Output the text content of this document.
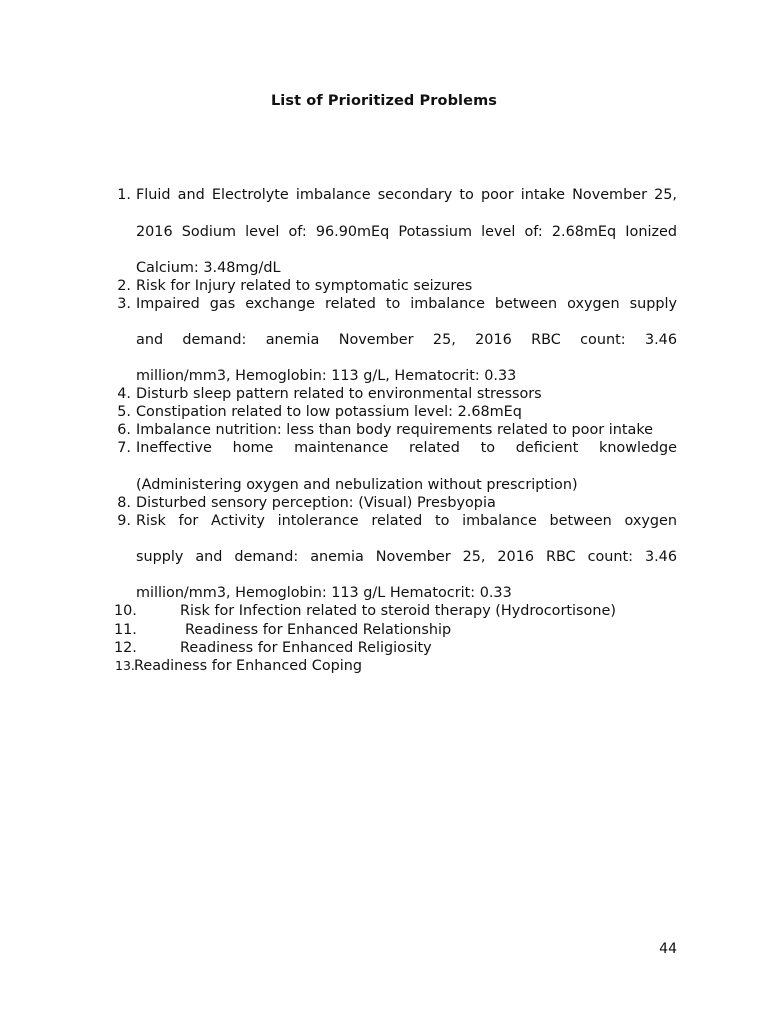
List of Prioritized Problems
1. Fluid and Electrolyte imbalance secondary to poor intake November 25,
2016 Sodium level of: 96.90mEq Potassium level of: 2.68mEq Ionized
Calcium: 3.48mg/dL
2. Risk for Injury related to symptomatic seizures
3. Impaired gas exchange related to imbalance between oxygen supply
and demand: anemia November 25, 2016 RBC count: 3.46
million/mm3, Hemoglobin: 113 g/L, Hematocrit: 0.33
4. Disturb sleep pattern related to environmental stressors
5. Constipation related to low potassium level: 2.68mEq
6. Imbalance nutrition: less than body requirements related to poor intake
7. Ineffective home maintenance related to deficient knowledge
(Administering oxygen and nebulization without prescription)
8. Disturbed sensory perception: (Visual) Presbyopia
9. Risk for Activity intolerance related to imbalance between oxygen
supply and demand: anemia November 25, 2016 RBC count: 3.46
million/mm3, Hemoglobin: 113 g/L Hematocrit: 0.33
10.	Risk for Infection related to steroid therapy (Hydrocortisone)
11.	Readiness for Enhanced Relationship
12.	Readiness for Enhanced Religiosity
13. Readiness for Enhanced Coping
44
